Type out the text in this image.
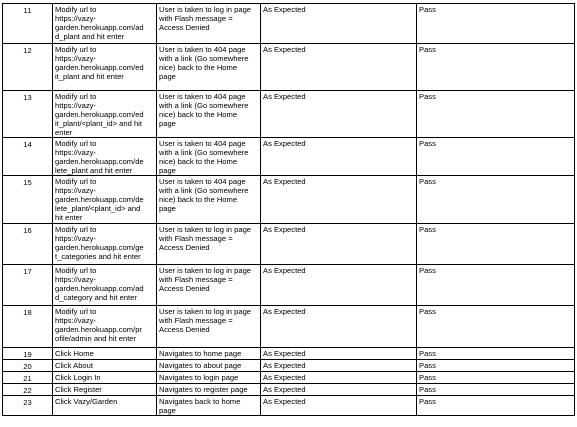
11	Modify url to
https://vazy-
garden.herokuapp.com/ad
d_plant and hit enter	User is taken to log in page
with Flash message =
Access Denied	As Expected	Pass
12	Modify url to
https://vazy-
garden.herokuapp.com/ed
it_plant and hit enter	User is taken to 404 page
with a link (Go somewhere
nice) back to the Home
page	As Expected	Pass
13	Modify url to
https://vazy-
garden.herokuapp.com/ed
it_plant/<plant_id> and hit
enter	User is taken to 404 page
with a link (Go somewhere
nice) back to the Home
page	As Expected	Pass
14	Modify url to
https://vazy-
garden.herokuapp.com/de
lete_plant and hit enter	User is taken to 404 page
with a link (Go somewhere
nice) back to the Home
page	As Expected	Pass
15	Modify url to
https://vazy-
garden.herokuapp.com/de
lete_plant/<plant_id> and
hit enter	User is taken to 404 page
with a link (Go somewhere
nice) back to the Home
page	As Expected	Pass
16	Modify url to
https://vazy-
garden.herokuapp.com/ge
t_categories and hit enter	User is taken to log in page
with Flash message =
Access Denied	As Expected	Pass
17	Modify url to
https://vazy-
garden.herokuapp.com/ad
d_category and hit enter	User is taken to log in page
with Flash message =
Access Denied	As Expected	Pass
18	Modify url to
https://vazy-
garden.herokuapp.com/pr
ofile/admin and hit enter	User is taken to log in page
with Flash message =
Access Denied	As Expected	Pass
19	Click Home	Navigates to home page	As Expected	Pass
20	Click About	Navigates to about page	As Expected	Pass
21	Click Login In	Navigates to login page	As Expected	Pass
22	Click Register	Navigates to register page	As Expected	Pass
23	Click Vazy/Garden	Navigates back to home
page	As Expected	Pass
